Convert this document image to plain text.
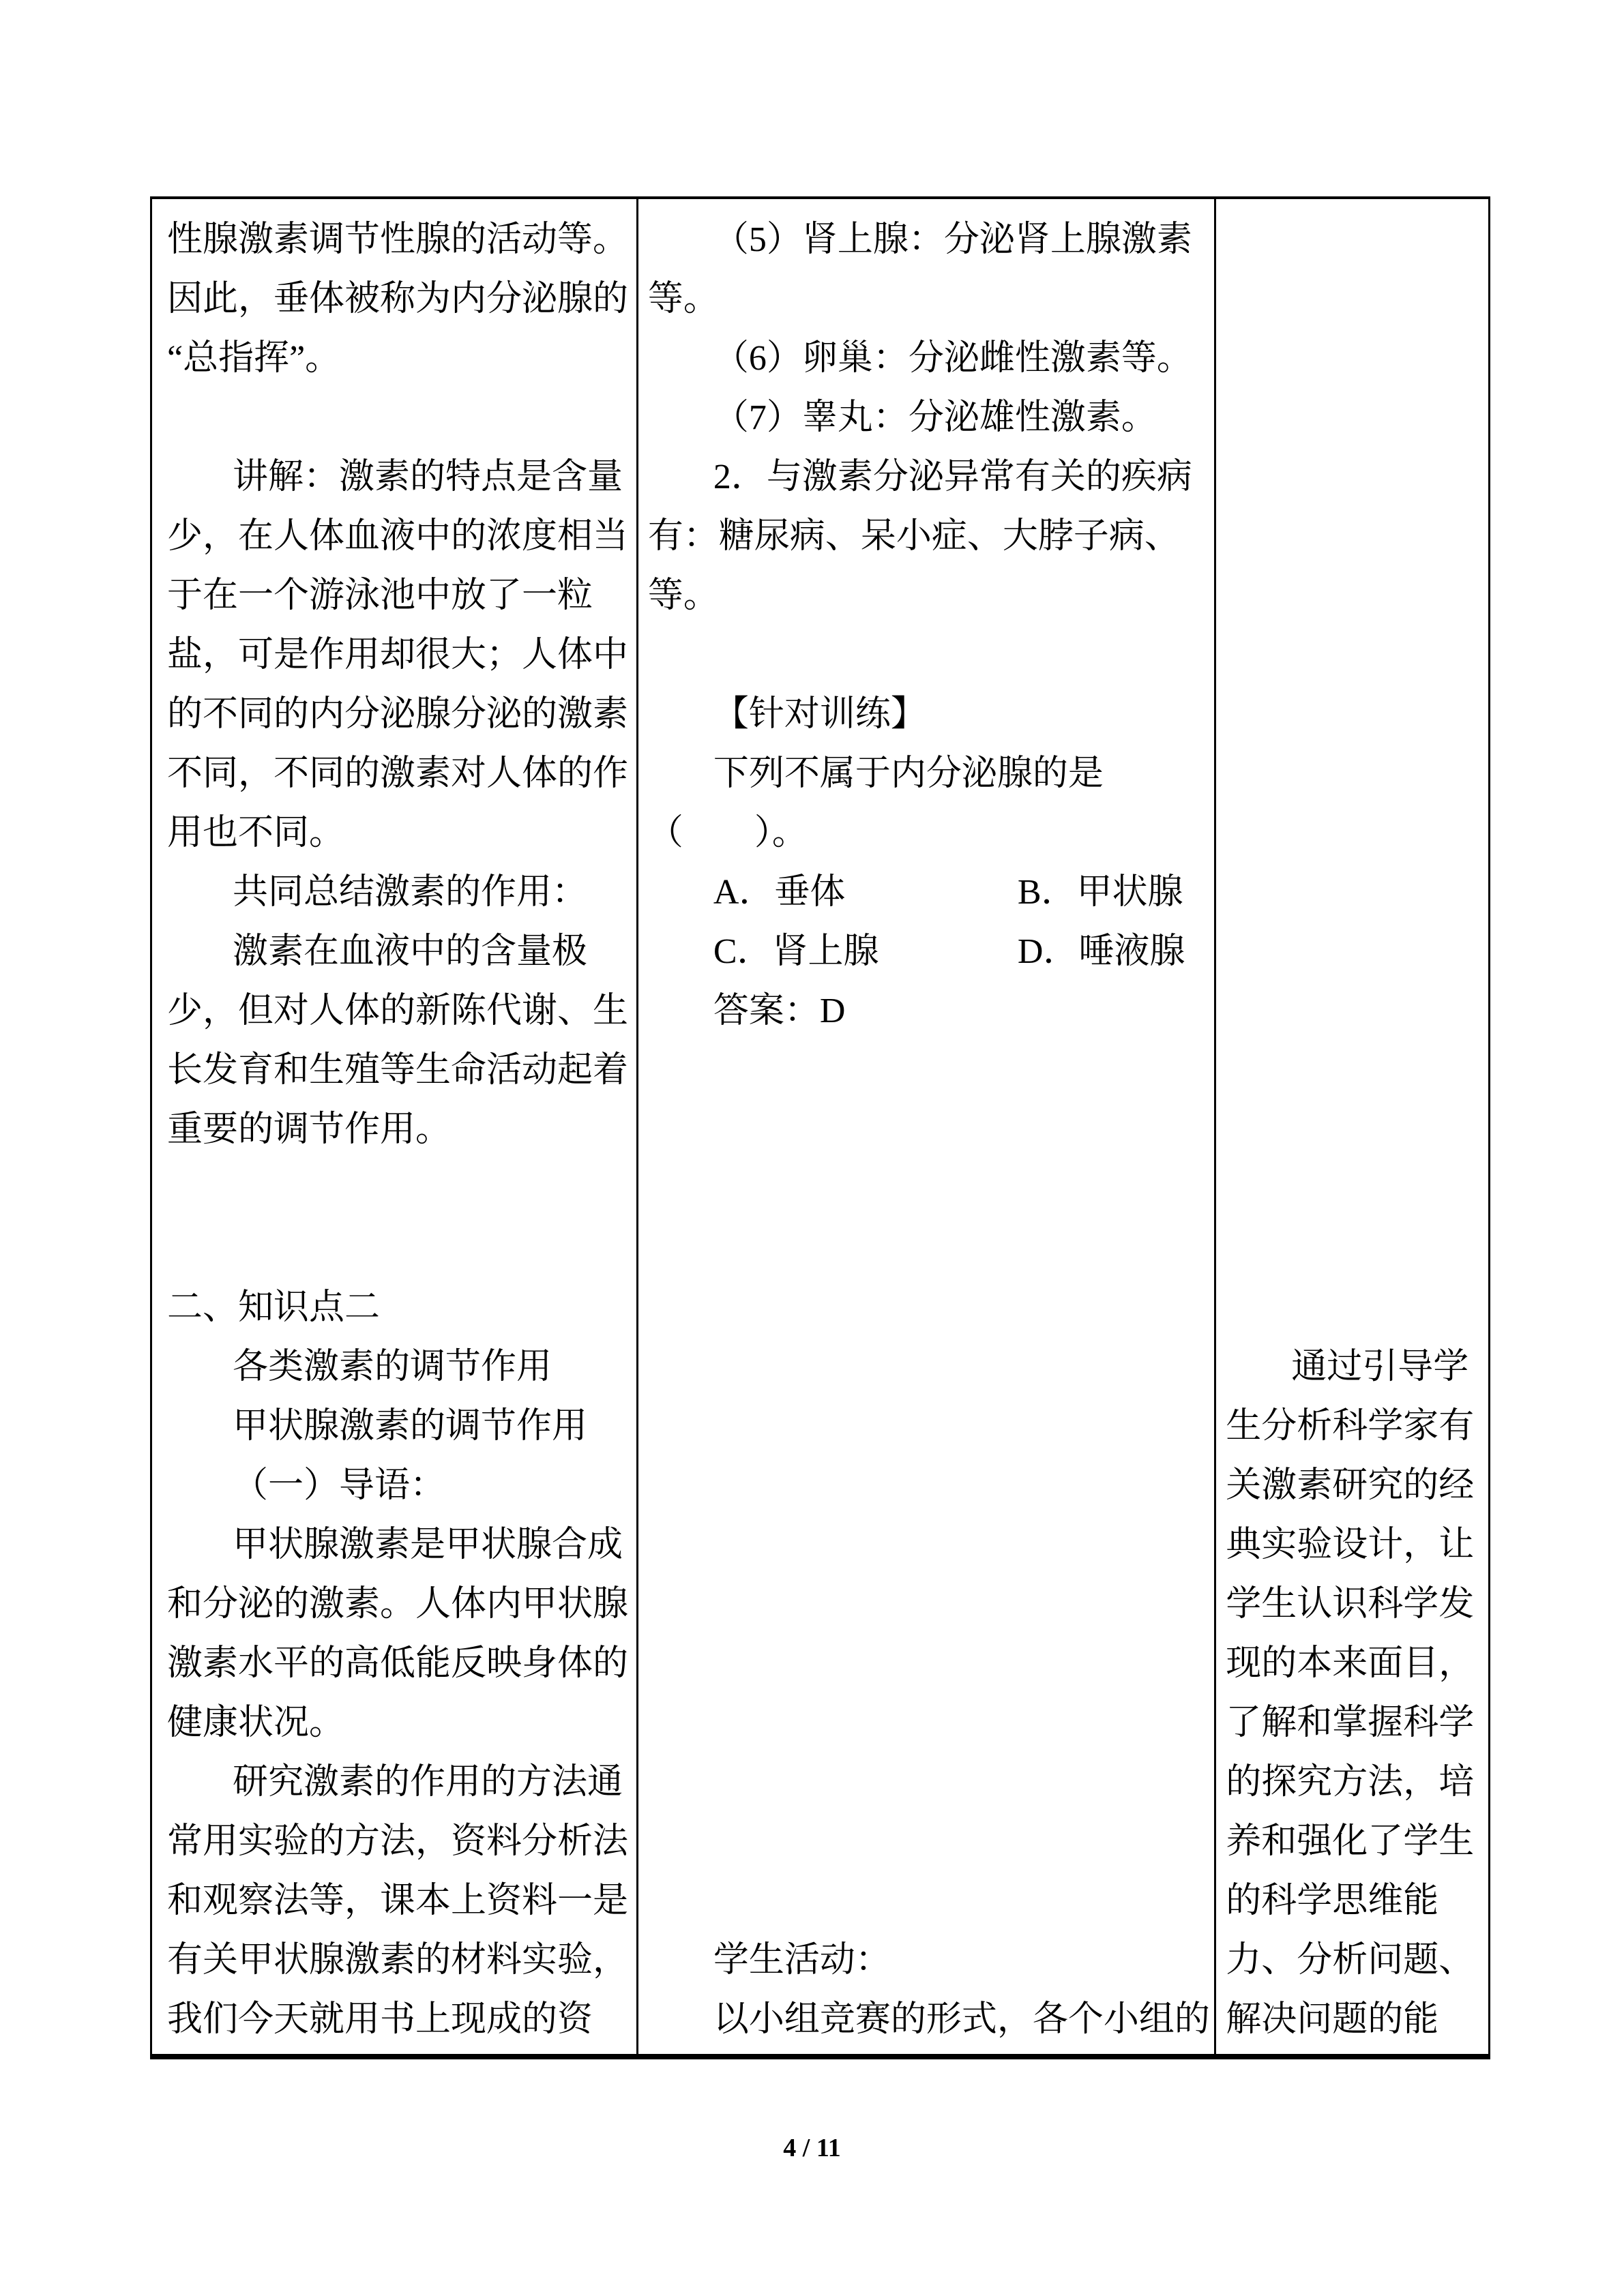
性腺激素调节性腺的活动等。
因此，垂体被称为内分泌腺的
“总指挥”。
讲解：激素的特点是含量
少，在人体血液中的浓度相当
于在一个游泳池中放了一粒
盐，可是作用却很大；人体中
的不同的内分泌腺分泌的激素
不同，不同的激素对人体的作
用也不同。
共同总结激素的作用：
激素在血液中的含量极
少，但对人体的新陈代谢、生
长发育和生殖等生命活动起着
重要的调节作用。
二、知识点二
各类激素的调节作用
甲状腺激素的调节作用
（一）导语：
甲状腺激素是甲状腺合成
和分泌的激素。人体内甲状腺
激素水平的高低能反映身体的
健康状况。
研究激素的作用的方法通
常用实验的方法，资料分析法
和观察法等，课本上资料一是
有关甲状腺激素的材料实验，
我们今天就用书上现成的资
（5）肾上腺：分泌肾上腺激素
等。
（6）卵巢：分泌雌性激素等。
（7）睾丸：分泌雄性激素。
2．与激素分泌异常有关的疾病
有：糖尿病、呆小症、大脖子病、
等。
【针对训练】
下列不属于内分泌腺的是
（　　）。
A．垂体	B．甲状腺
C．肾上腺	D．唾液腺
答案：D
学生活动：
以小组竞赛的形式，各个小组的
通过引导学
生分析科学家有
关激素研究的经
典实验设计，让
学生认识科学发
现的本来面目，
了解和掌握科学
的探究方法，培
养和强化了学生
的科学思维能
力、分析问题、
解决问题的能
4 / 11
